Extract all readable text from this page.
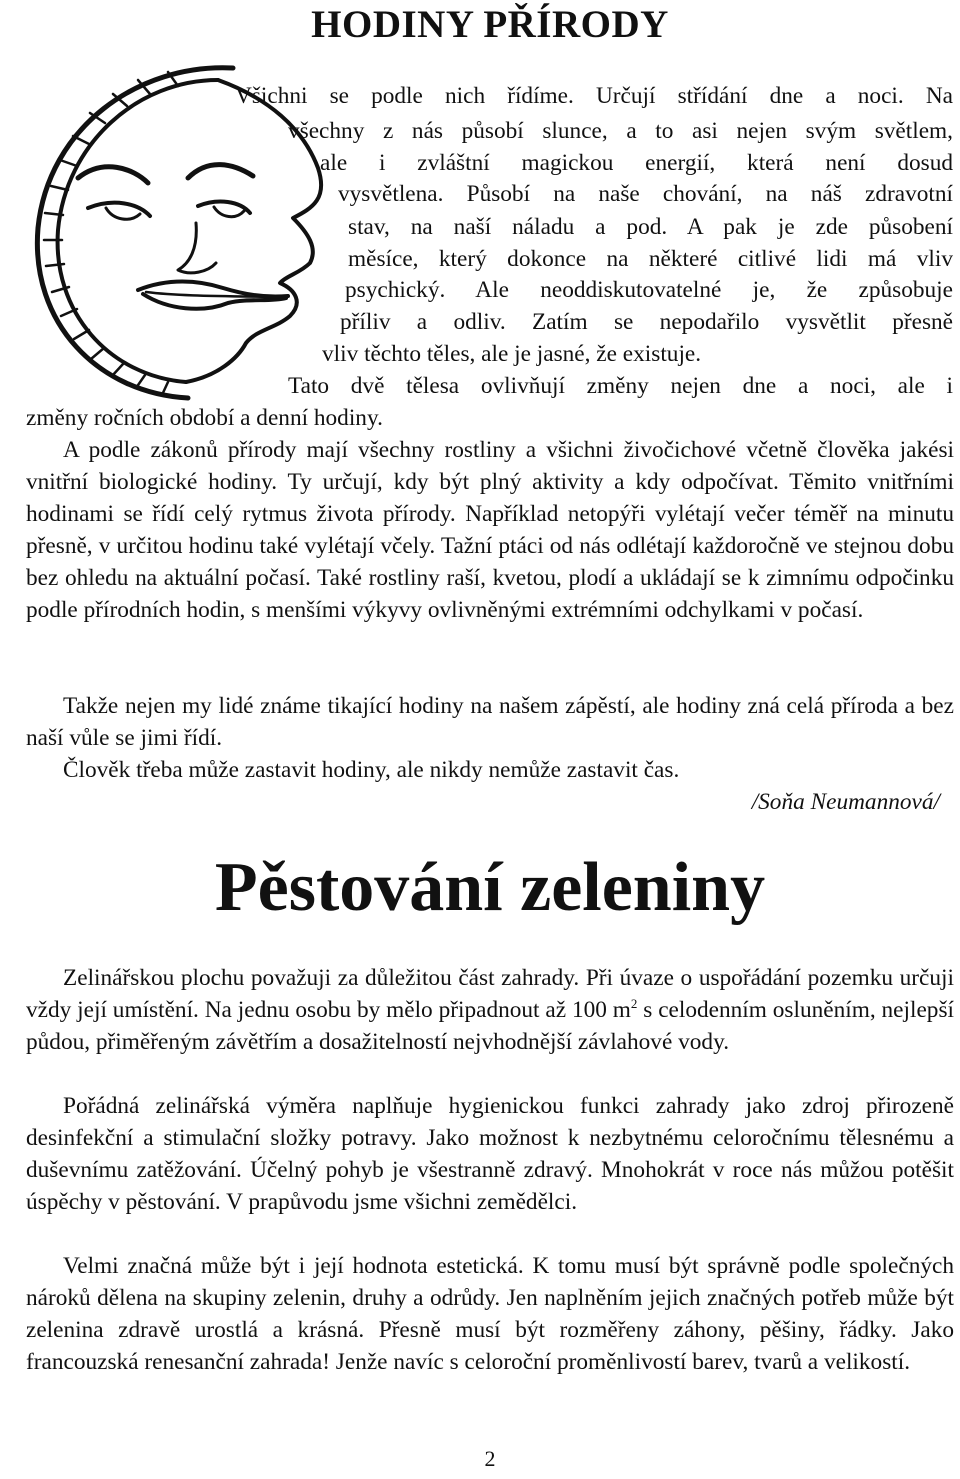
HODINY PŘÍRODY
Všichni se podle nich řídíme. Určují střídání dne a noci. Na
všechny z nás působí slunce, a to asi nejen svým světlem,
ale i zvláštní magickou energií, která není dosud
vysvětlena. Působí na naše chování, na náš zdravotní
stav, na naší náladu a pod. A pak je zde působení
měsíce, který dokonce na některé citlivé lidi má vliv
psychický. Ale neoddiskutovatelné je, že způsobuje
příliv a odliv. Zatím se nepodařilo vysvětlit přesně
vliv těchto těles, ale je jasné, že existuje.
Tato dvě tělesa ovlivňují změny nejen dne a noci, ale i
změny ročních období a denní hodiny.
A podle zákonů přírody mají všechny rostliny a všichni živočichové včetně člověka jakési vnitřní biologické hodiny. Ty určují, kdy být plný aktivity a kdy odpočívat. Těmito vnitřními hodinami se řídí celý rytmus života přírody. Například netopýři vylétají večer téměř na minutu přesně, v určitou hodinu také vylétají včely. Tažní ptáci od nás odlétají každoročně ve stejnou dobu bez ohledu na aktuální počasí. Také rostliny raší, kvetou, plodí a ukládají se k zimnímu odpočinku podle přírodních hodin, s menšími výkyvy ovlivněnými extrémními odchylkami v počasí.
Takže nejen my lidé známe tikající hodiny na našem zápěstí, ale hodiny zná celá příroda a bez naší vůle se jimi řídí.
Člověk třeba může zastavit hodiny, ale nikdy nemůže zastavit čas.
/Soňa Neumannová/
Pěstování zeleniny
Zelinářskou plochu považuji za důležitou část zahrady. Při úvaze o uspořádání pozemku určuji vždy její umístění. Na jednu osobu by mělo připadnout až 100 $m^2$ s celodenním osluněním, nejlepší půdou, přiměřeným závětřím a dosažitelností nejvhodnější závlahové vody.
Pořádná zelinářská výměra naplňuje hygienickou funkci zahrady jako zdroj přirozeně desinfekční a stimulační složky potravy. Jako možnost k nezbytnému celoročnímu tělesnému a duševnímu zatěžování. Účelný pohyb je všestranně zdravý. Mnohokrát v roce nás můžou potěšit úspěchy v pěstování. V prapůvodu jsme všichni zemědělci.
Velmi značná může být i její hodnota estetická. K tomu musí být správně podle společných nároků dělena na skupiny zelenin, druhy a odrůdy. Jen naplněním jejich značných potřeb může být zelenina zdravě urostlá a krásná. Přesně musí být rozměřeny záhony, pěšiny, řádky. Jako francouzská renesanční zahrada! Jenže navíc s celoroční proměnlivostí barev, tvarů a velikostí.
2
